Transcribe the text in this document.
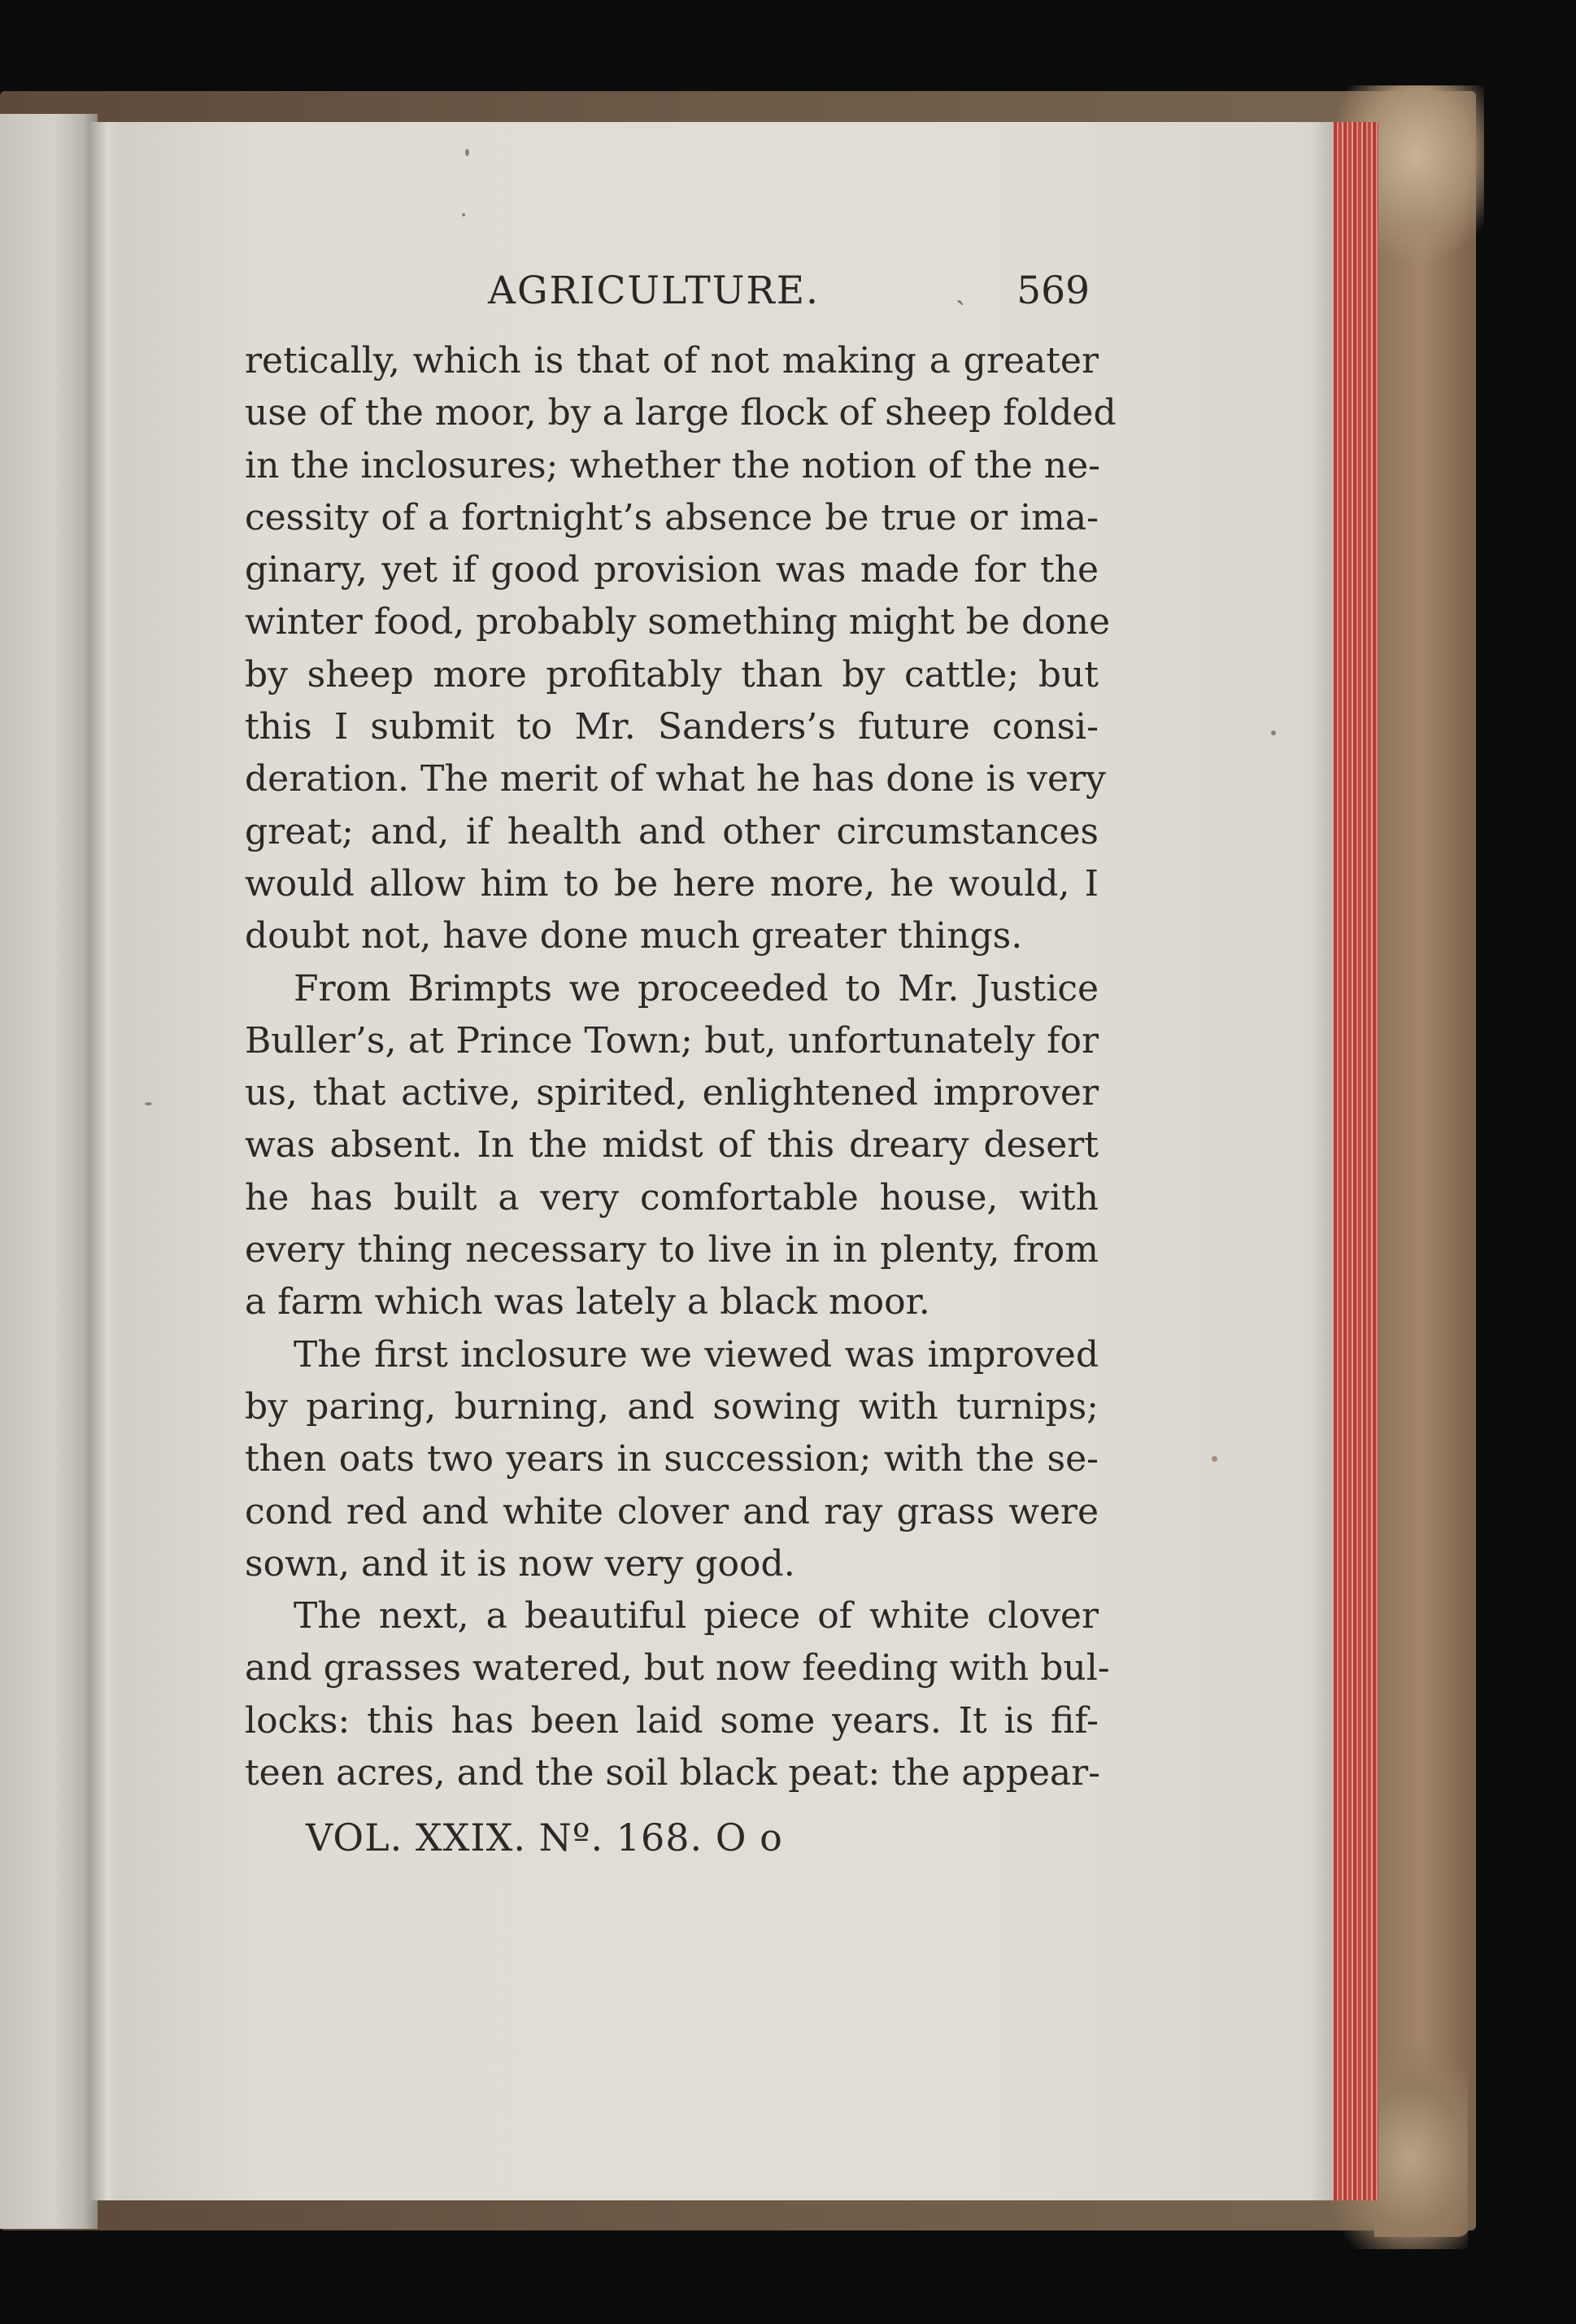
AGRICULTURE.	ˏ 569
retically, which is that of not making a greater
use of the moor, by a large flock of sheep folded
in the inclosures; whether the notion of the ne-
cessity of a fortnight’s absence be true or ima-
ginary, yet if good provision was made for the
winter food, probably something might be done
by sheep more profitably than by cattle; but
this I submit to Mr. Sanders’s future consi-
deration. The merit of what he has done is very
great; and, if health and other circumstances
would allow him to be here more, he would, I
doubt not, have done much greater things.
From Brimpts we proceeded to Mr. Justice
Buller’s, at Prince Town; but, unfortunately for
us, that active, spirited, enlightened improver
was absent. In the midst of this dreary desert
he has built a very comfortable house, with
every thing necessary to live in in plenty, from
a farm which was lately a black moor.
The first inclosure we viewed was improved
by paring, burning, and sowing with turnips;
then oats two years in succession; with the se-
cond red and white clover and ray grass were
sown, and it is now very good.
The next, a beautiful piece of white clover
and grasses watered, but now feeding with bul-
locks: this has been laid some years. It is fif-
teen acres, and the soil black peat: the appear-
VOL. XXIX. Nº. 168. O o
